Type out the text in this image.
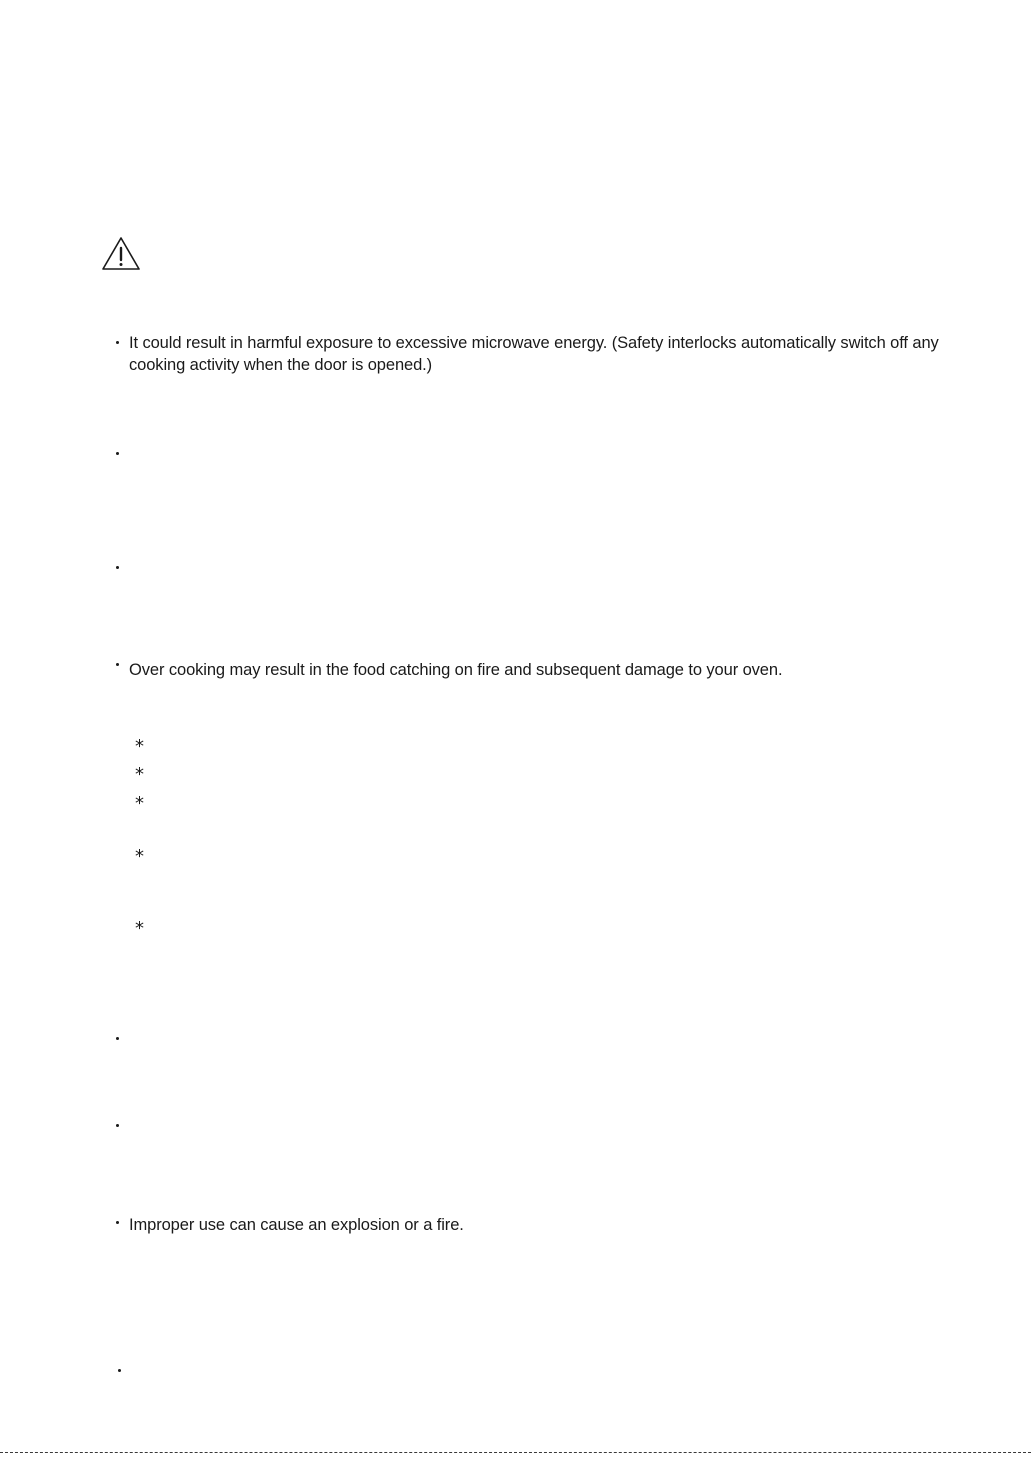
It could result in harmful exposure to excessive microwave energy. (Safety interlocks automatically switch off any
cooking activity when the door is opened.)
Over cooking may result in the food catching on fire and subsequent damage to your oven.
*
*
*
*
*
Improper use can cause an explosion or a fire.
